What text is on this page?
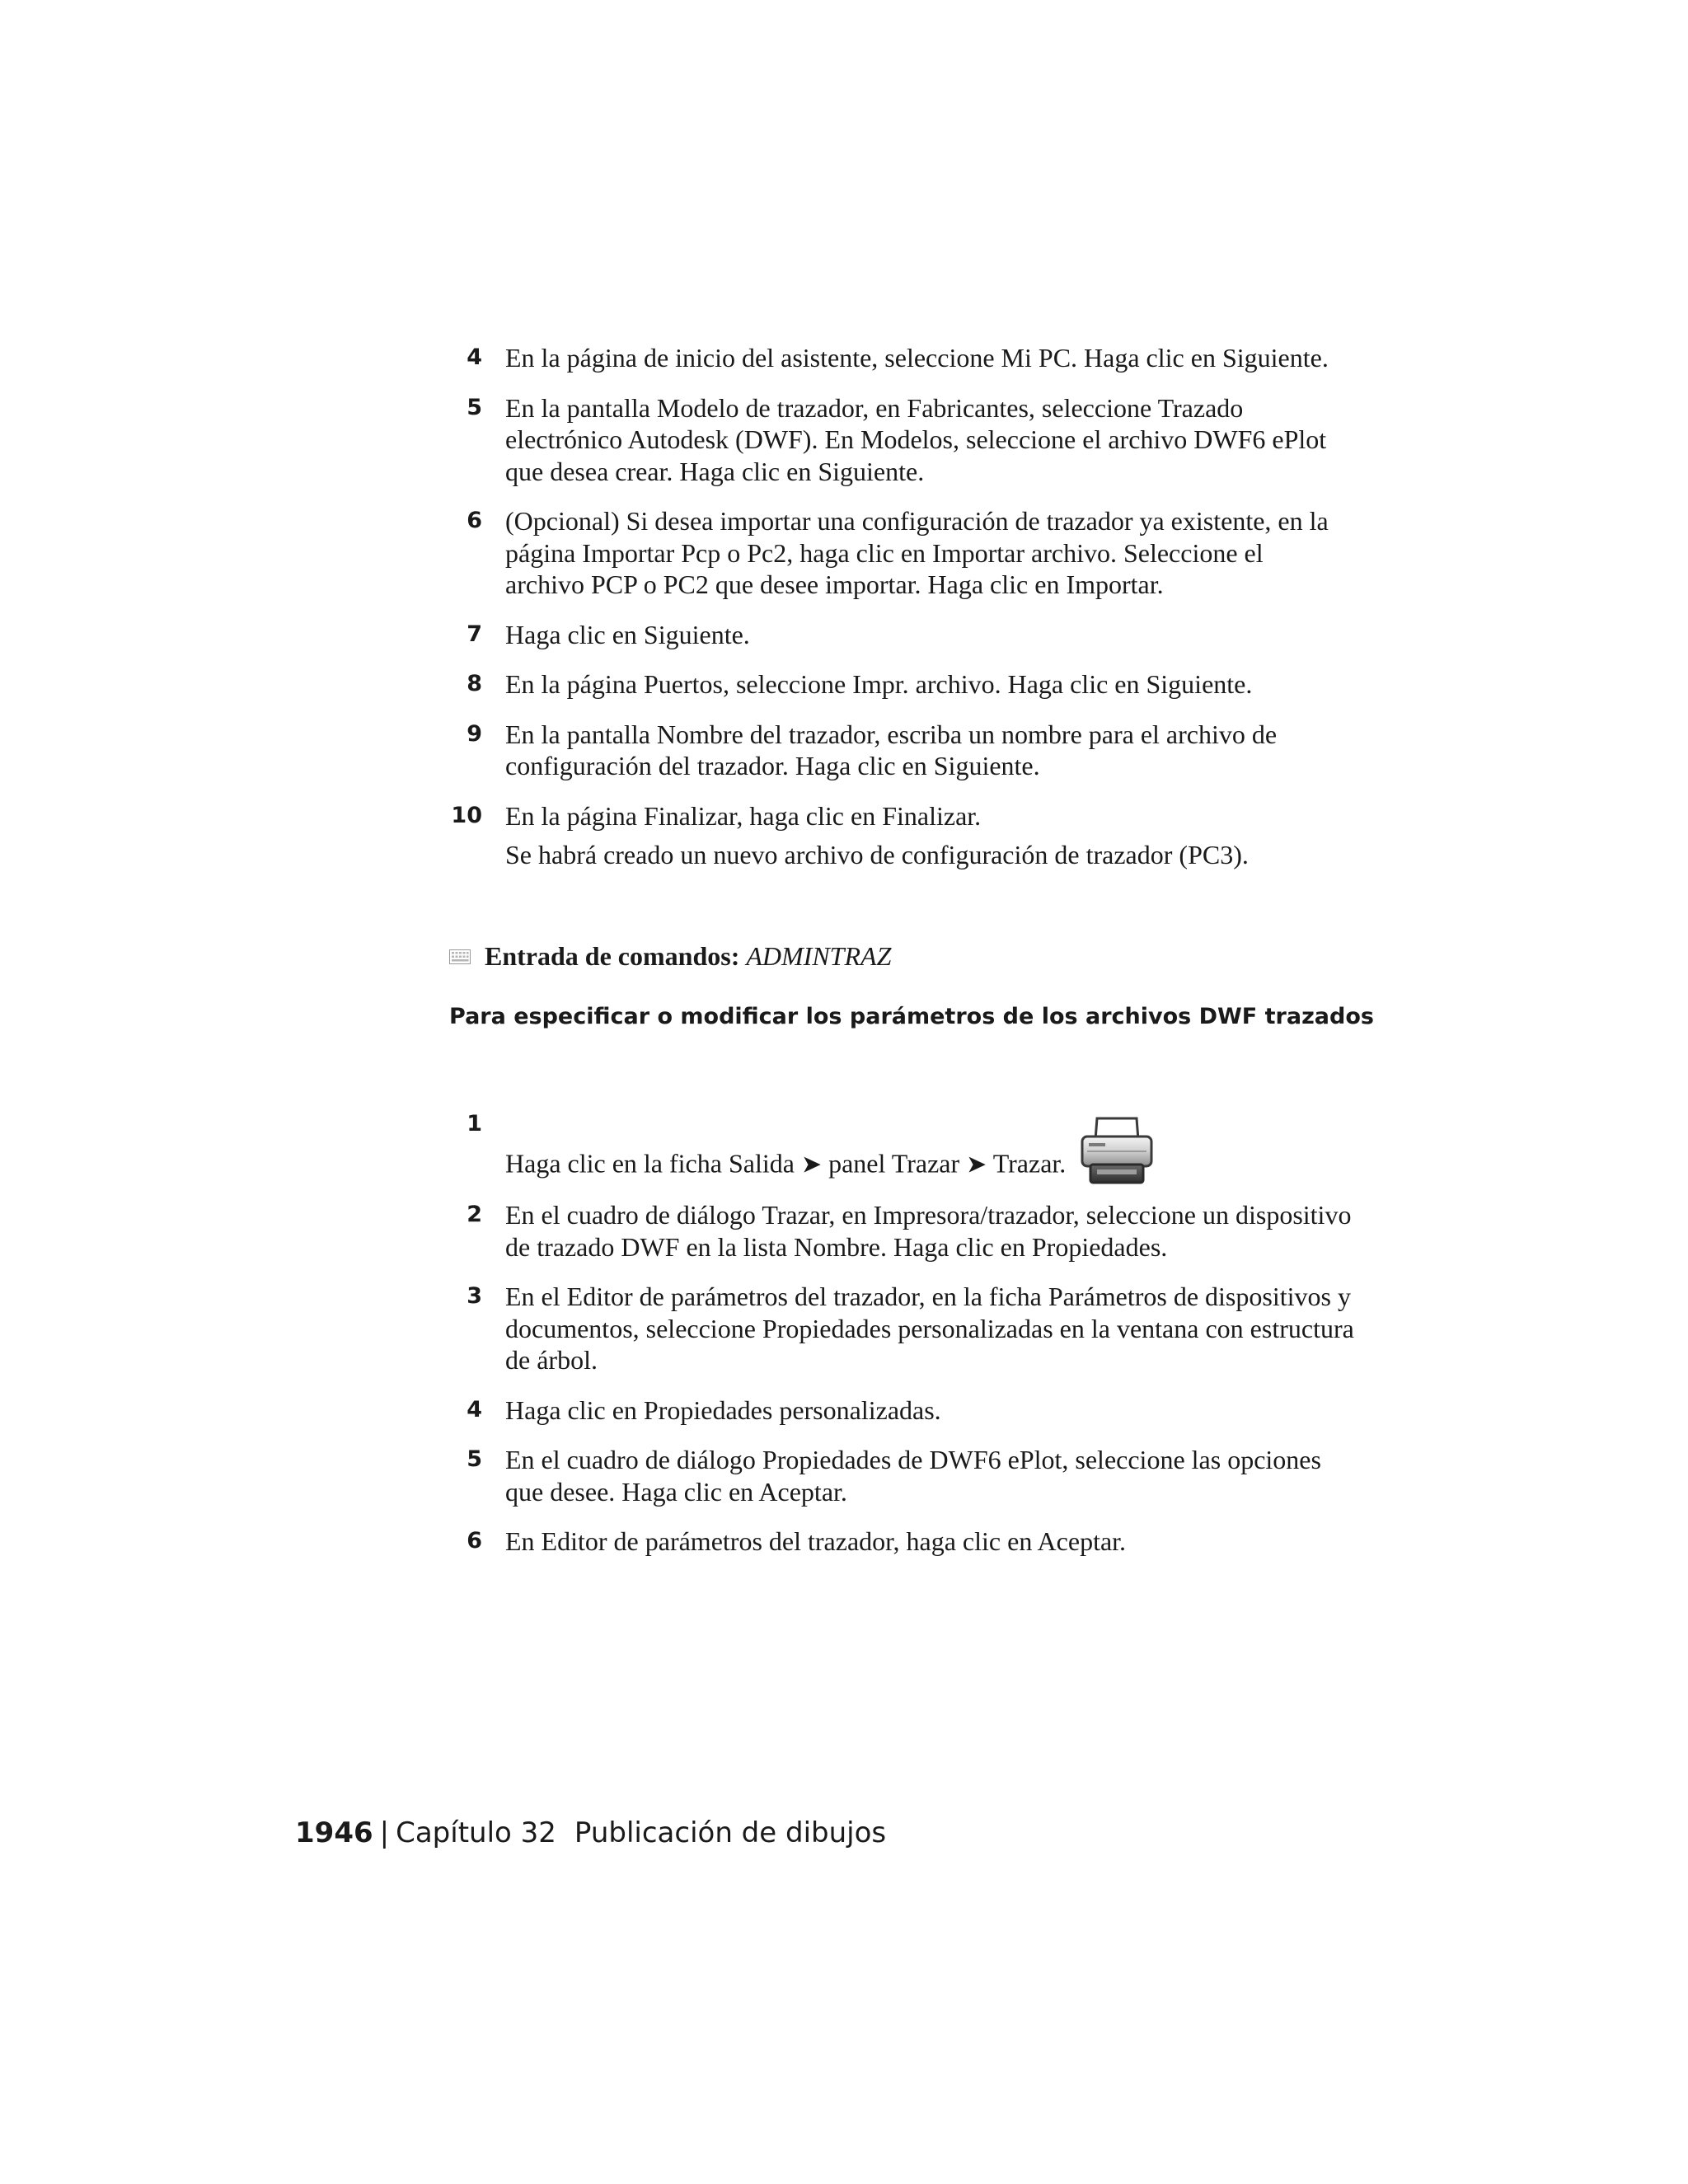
4 En la página de inicio del asistente, seleccione Mi PC. Haga clic en Siguiente.
5 En la pantalla Modelo de trazador, en Fabricantes, seleccione Trazado electrónico Autodesk (DWF). En Modelos, seleccione el archivo DWF6 ePlot que desea crear. Haga clic en Siguiente.
6 (Opcional) Si desea importar una configuración de trazador ya existente, en la página Importar Pcp o Pc2, haga clic en Importar archivo. Seleccione el archivo PCP o PC2 que desee importar. Haga clic en Importar.
7 Haga clic en Siguiente.
8 En la página Puertos, seleccione Impr. archivo. Haga clic en Siguiente.
9 En la pantalla Nombre del trazador, escriba un nombre para el archivo de configuración del trazador. Haga clic en Siguiente.
10 En la página Finalizar, haga clic en Finalizar.
Se habrá creado un nuevo archivo de configuración de trazador (PC3).
Entrada de comandos: ADMINTRAZ
Para especificar o modificar los parámetros de los archivos DWF trazados
1
Haga clic en la ficha Salida ➤ panel Trazar ➤ Trazar.
2 En el cuadro de diálogo Trazar, en Impresora/trazador, seleccione un dispositivo de trazado DWF en la lista Nombre. Haga clic en Propiedades.
3 En el Editor de parámetros del trazador, en la ficha Parámetros de dispositivos y documentos, seleccione Propiedades personalizadas en la ventana con estructura de árbol.
4 Haga clic en Propiedades personalizadas.
5 En el cuadro de diálogo Propiedades de DWF6 ePlot, seleccione las opciones que desee. Haga clic en Aceptar.
6 En Editor de parámetros del trazador, haga clic en Aceptar.
1946 | Capítulo 32 Publicación de dibujos
